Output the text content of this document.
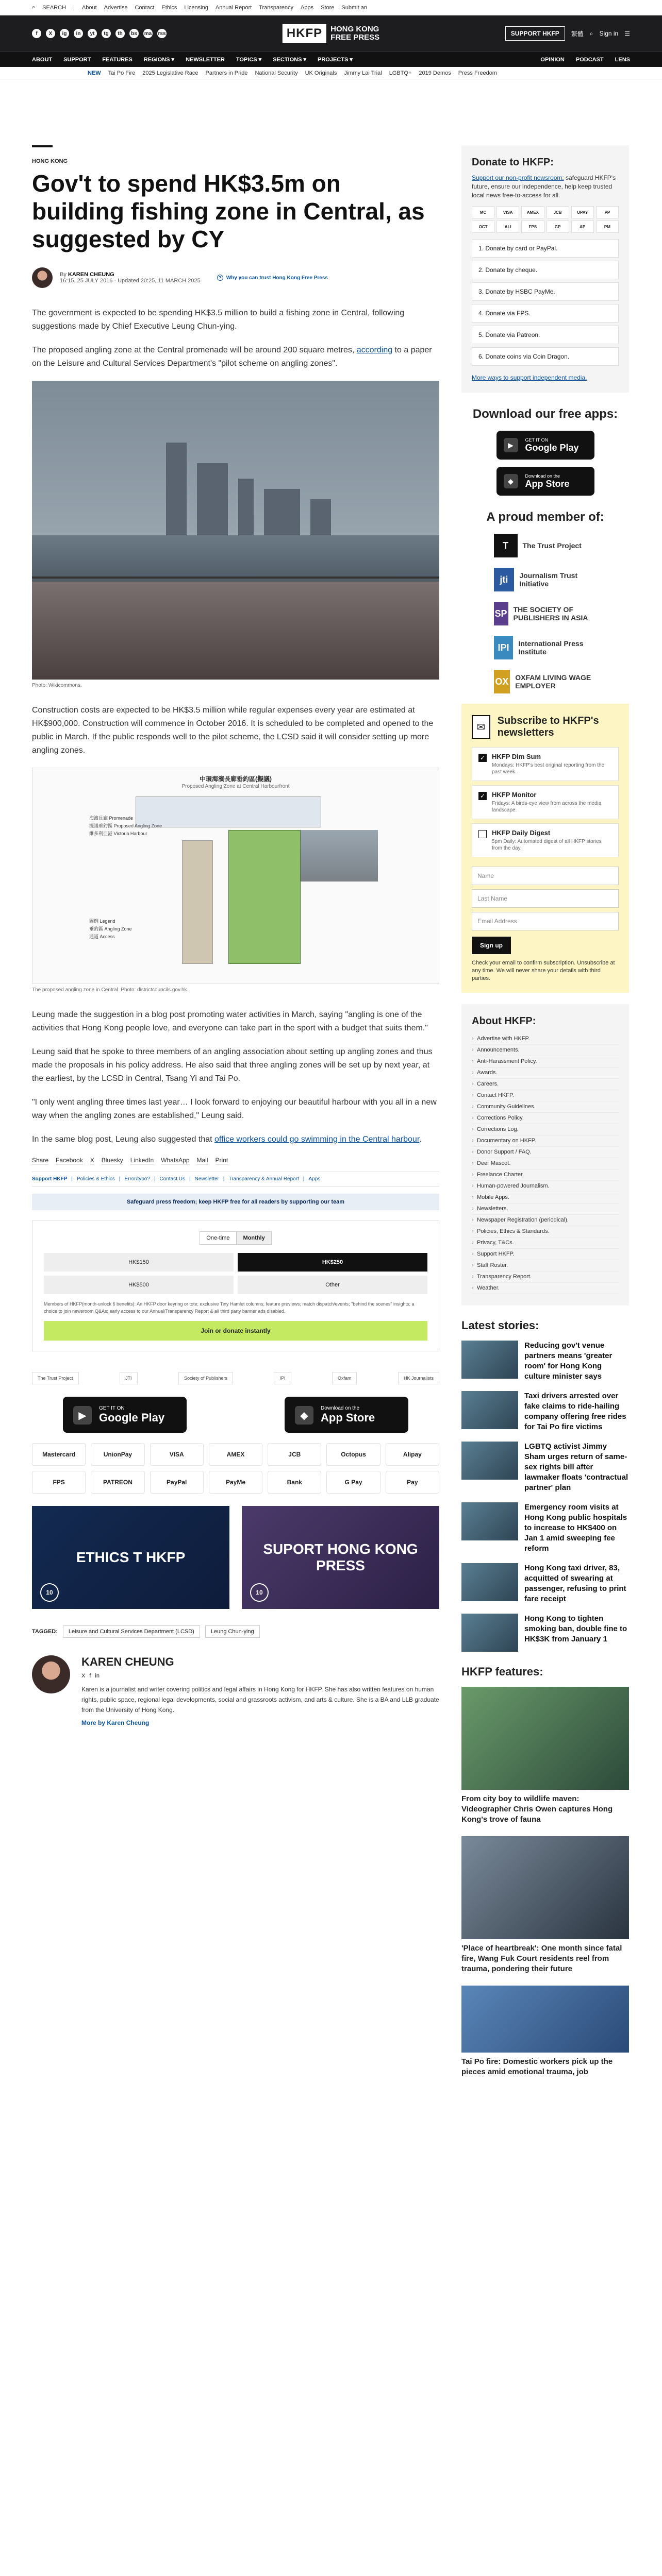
⌕ SEARCH | About Advertise Contact Ethics Licensing Annual Report Transparency Apps Store Submit an
f	X	ig	in	yt	tg	th	bs	ma rss	HKFP	HONG KONG
FREE PRESS	SUPPORT HKFP	繁體 ⌕ Sign in ☰
ABOUT SUPPORT FEATURES REGIONS ▾ NEWSLETTER TOPICS ▾ SECTIONS ▾ PROJECTS ▾	OPINION PODCAST LENS
NEW Tai Po Fire 2025 Legislative Race Partners in Pride National Security UK Originals Jimmy Lai Trial LGBTQ+ 2019 Demos Press Freedom
HONG KONG
Gov't to spend HK$3.5m on building fishing zone in Central, as suggested by CY
By KAREN CHEUNG
16:15, 25 JULY 2016 · Updated 20:25, 11 MARCH 2025	? Why you can trust Hong Kong Free Press

The government is expected to be spending HK$3.5 million to build a fishing zone in Central, following suggestions made by Chief Executive Leung Chun-ying.

The proposed angling zone at the Central promenade will be around 200 square metres, according to a paper on the Leisure and Cultural Services Department's "pilot scheme on angling zones".

Photo: Wikicommons.

Construction costs are expected to be HK$3.5 million while regular expenses every year are estimated at HK$900,000. Construction will commence in October 2016. It is scheduled to be completed and opened to the public in March. If the public responds well to the pilot scheme, the LCSD said it will consider setting up more angling zones.

中環海濱長廊垂釣區(擬議)
Proposed Angling Zone at Central Harbourfront
海濱長廊 Promenade
擬議垂釣區 Proposed Angling Zone
維多利亞港 Victoria Harbour
圖例 Legend
垂釣區 Angling Zone
通道 Access
The proposed angling zone in Central. Photo: districtcouncils.gov.hk.

Leung made the suggestion in a blog post promoting water activities in March, saying "angling is one of the activities that Hong Kong people love, and everyone can take part in the sport with a budget that suits them."

Leung said that he spoke to three members of an angling association about setting up angling zones and thus made the proposals in his policy address. He also said that three angling zones will be set up by next year, at the earliest, by the LCSD in Central, Tsang Yi and Tai Po.

"I only went angling three times last year… I look forward to enjoying our beautiful harbour with you all in a new way when the angling zones are established," Leung said.

In the same blog post, Leung also suggested that office workers could go swimming in the Central harbour.

Share Facebook X Bluesky LinkedIn WhatsApp Mail Print
Support HKFP | Policies & Ethics | Error/typo? | Contact Us | Newsletter | Transparency & Annual Report | Apps
Safeguard press freedom; keep HKFP free for all readers by supporting our team
One-time	Monthly
HK$150	HK$250
HK$500	Other
Members of HKFP(month-unlock 6 benefits): An HKFP door keyring or tote; exclusive Tiny Hamlet columns; feature previews; match dispatch/events; "behind the scenes" insights; a choice to join newsroom Q&As; early access to our Annual/Transparency Report & all third party banner ads disabled.
Join or donate instantly
The Trust Project	JTI	Society of Publishers	IPI	Oxfam	HK Journalists
▶
GET IT ON
Google Play	◆
Download on the
App Store
Mastercard	UnionPay	VISA	AMEX	JCB	Octopus	Alipay
FPS	PATREON	PayPal	PayMe	Bank	G Pay	Pay
ETHICS T HKFP
10
SUPORT HONG KONG PRESS
10
TAGGED:	Leisure and Cultural Services Department (LCSD)	Leung Chun-ying
KAREN CHEUNG
X f in

Karen is a journalist and writer covering politics and legal affairs in Hong Kong for HKFP. She has also written features on human rights, public space, regional legal developments, social and grassroots activism, and arts & culture. She is a BA and LLB graduate from the University of Hong Kong.

More by Karen Cheung
Donate to HKFP:
Support our non-profit newsroom: safeguard HKFP's future, ensure our independence, help keep trusted local news free-to-access for all.
MC	VISA	AMEX	JCB	UPAY	PP
OCT	ALI	FPS	GP	AP	PM
1. Donate by card or PayPal.
2. Donate by cheque.
3. Donate by HSBC PayMe.
4. Donate via FPS.
5. Donate via Patreon.
6. Donate coins via Coin Dragon.
More ways to support independent media.
Download our free apps:
▶
GET IT ON
Google Play
◆
Download on the
App Store
A proud member of:
T	The Trust Project
jti	Journalism Trust Initiative
SP THE SOCIETY OF PUBLISHERS IN ASIA
IPI	International Press Institute
OX OXFAM LIVING WAGE EMPLOYER
✉
Subscribe to HKFP's newsletters
✓ HKFP Dim Sum
Mondays: HKFP's best original reporting from the past week.
✓ HKFP Monitor
Fridays: A birds-eye view from across the media landscape.
HKFP Daily Digest
5pm Daily: Automated digest of all HKFP stories from the day.
Name
Last Name
Email Address
Sign up
Check your email to confirm subscription. Unsubscribe at any time. We will never share your details with third parties.
About HKFP:
› Advertise with HKFP.
› Announcements.
› Anti-Harassment Policy.
› Awards.
› Careers.
› Contact HKFP.
› Community Guidelines.
› Corrections Policy.
› Corrections Log.
› Documentary on HKFP.
› Donor Support / FAQ.
› Deer Mascot.
› Freelance Charter.
› Human-powered Journalism.
› Mobile Apps.
› Newsletters.
› Newspaper Registration (periodical).
› Policies, Ethics & Standards.
› Privacy, T&Cs.
› Support HKFP.
› Staff Roster.
› Transparency Report.
› Weather.
Latest stories:
Reducing gov't venue partners means 'greater room' for Hong Kong culture minister says
Taxi drivers arrested over fake claims to ride-hailing company offering free rides for Tai Po fire victims
LGBTQ activist Jimmy Sham urges return of same-sex rights bill after lawmaker floats 'contractual partner' plan
Emergency room visits at Hong Kong public hospitals to increase to HK$400 on Jan 1 amid sweeping fee reform
Hong Kong taxi driver, 83, acquitted of swearing at passenger, refusing to print fare receipt
Hong Kong to tighten smoking ban, double fine to HK$3K from January 1
HKFP features:
From city boy to wildlife maven: Videographer Chris Owen captures Hong Kong's trove of fauna
'Place of heartbreak': One month since fatal fire, Wang Fuk Court residents reel from trauma, pondering their future
Tai Po fire: Domestic workers pick up the pieces amid emotional trauma, job
